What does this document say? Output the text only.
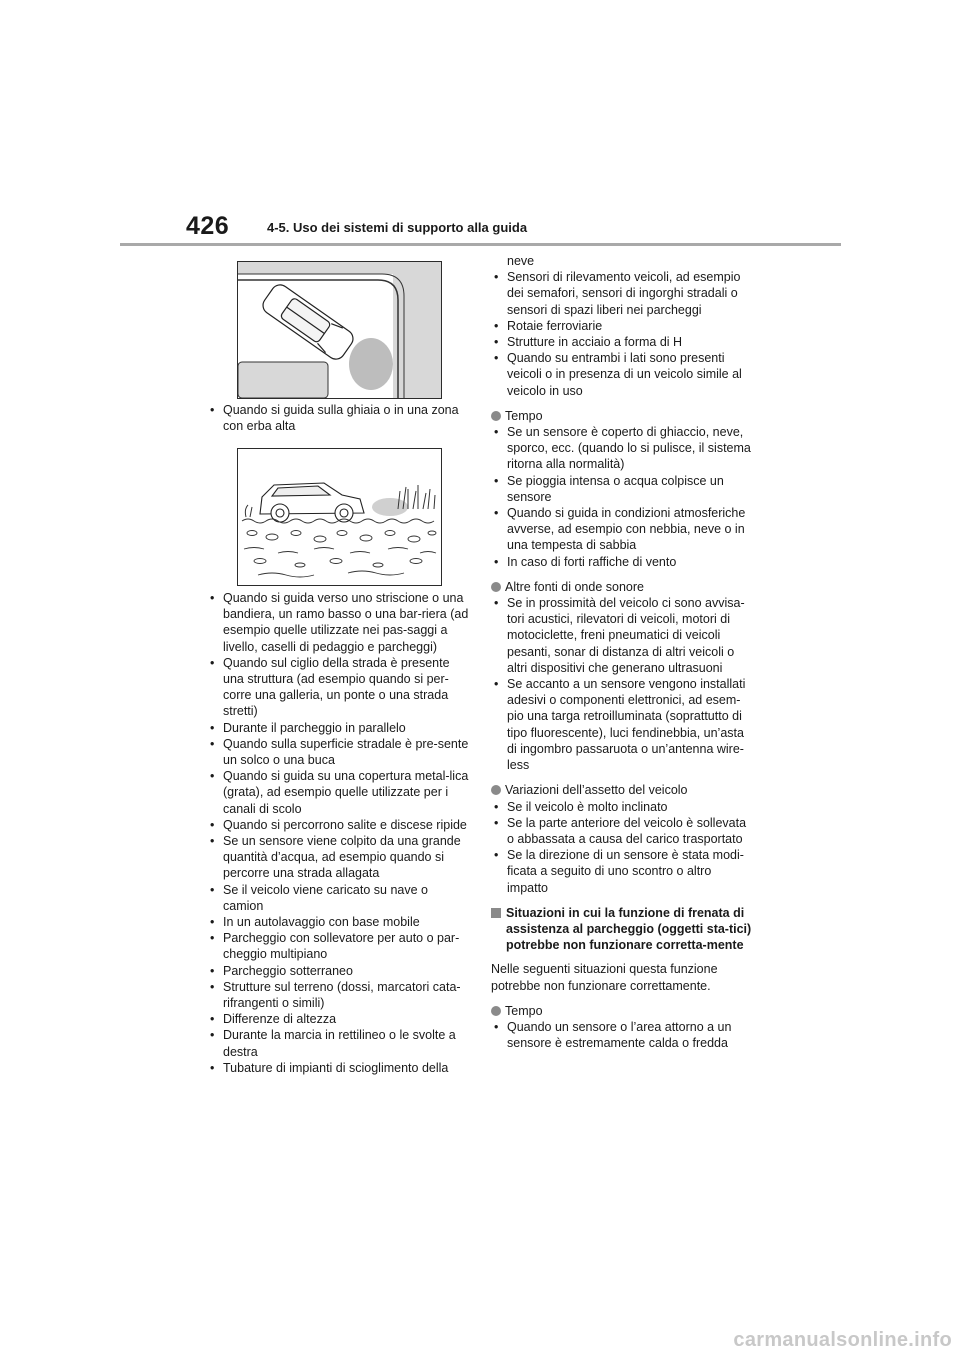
426	4-5. Uso dei sistemi di supporto alla guida
• Quando si guida sulla ghiaia o in una zona con erba alta
• Quando si guida verso uno striscione o una bandiera, un ramo basso o una bar-riera (ad esempio quelle utilizzate nei pas-saggi a livello, caselli di pedaggio e parcheggi)
• Quando sul ciglio della strada è presente una struttura (ad esempio quando si per-corre una galleria, un ponte o una strada stretti)
• Durante il parcheggio in parallelo
• Quando sulla superficie stradale è pre-sente un solco o una buca
• Quando si guida su una copertura metal-lica (grata), ad esempio quelle utilizzate per i canali di scolo
• Quando si percorrono salite e discese ripide
• Se un sensore viene colpito da una grande quantità d’acqua, ad esempio quando si percorre una strada allagata
• Se il veicolo viene caricato su nave o camion
• In un autolavaggio con base mobile
• Parcheggio con sollevatore per auto o par-cheggio multipiano
• Parcheggio sotterraneo
• Strutture sul terreno (dossi, marcatori cata-rifrangenti o simili)
• Differenze di altezza
• Durante la marcia in rettilineo o le svolte a destra
• Tubature di impianti di scioglimento della
neve
• Sensori di rilevamento veicoli, ad esempio dei semafori, sensori di ingorghi stradali o sensori di spazi liberi nei parcheggi
• Rotaie ferroviarie
• Strutture in acciaio a forma di H
• Quando su entrambi i lati sono presenti veicoli o in presenza di un veicolo simile al veicolo in uso
Tempo
• Se un sensore è coperto di ghiaccio, neve, sporco, ecc. (quando lo si pulisce, il sistema ritorna alla normalità)
• Se pioggia intensa o acqua colpisce un sensore
• Quando si guida in condizioni atmosferiche avverse, ad esempio con nebbia, neve o in una tempesta di sabbia
• In caso di forti raffiche di vento
Altre fonti di onde sonore
• Se in prossimità del veicolo ci sono avvisa-tori acustici, rilevatori di veicoli, motori di motociclette, freni pneumatici di veicoli pesanti, sonar di distanza di altri veicoli o altri dispositivi che generano ultrasuoni
• Se accanto a un sensore vengono installati adesivi o componenti elettronici, ad esem-pio una targa retroilluminata (soprattutto di tipo fluorescente), luci fendinebbia, un’asta di ingombro passaruota o un’antenna wire-less
Variazioni dell’assetto del veicolo
• Se il veicolo è molto inclinato
• Se la parte anteriore del veicolo è sollevata o abbassata a causa del carico trasportato
• Se la direzione di un sensore è stata modi-ficata a seguito di uno scontro o altro impatto
Situazioni in cui la funzione di frenata di assistenza al parcheggio (oggetti sta-tici) potrebbe non funzionare corretta-mente
Nelle seguenti situazioni questa funzione potrebbe non funzionare correttamente.
Tempo
• Quando un sensore o l’area attorno a un sensore è estremamente calda o fredda
carmanualsonline.info
